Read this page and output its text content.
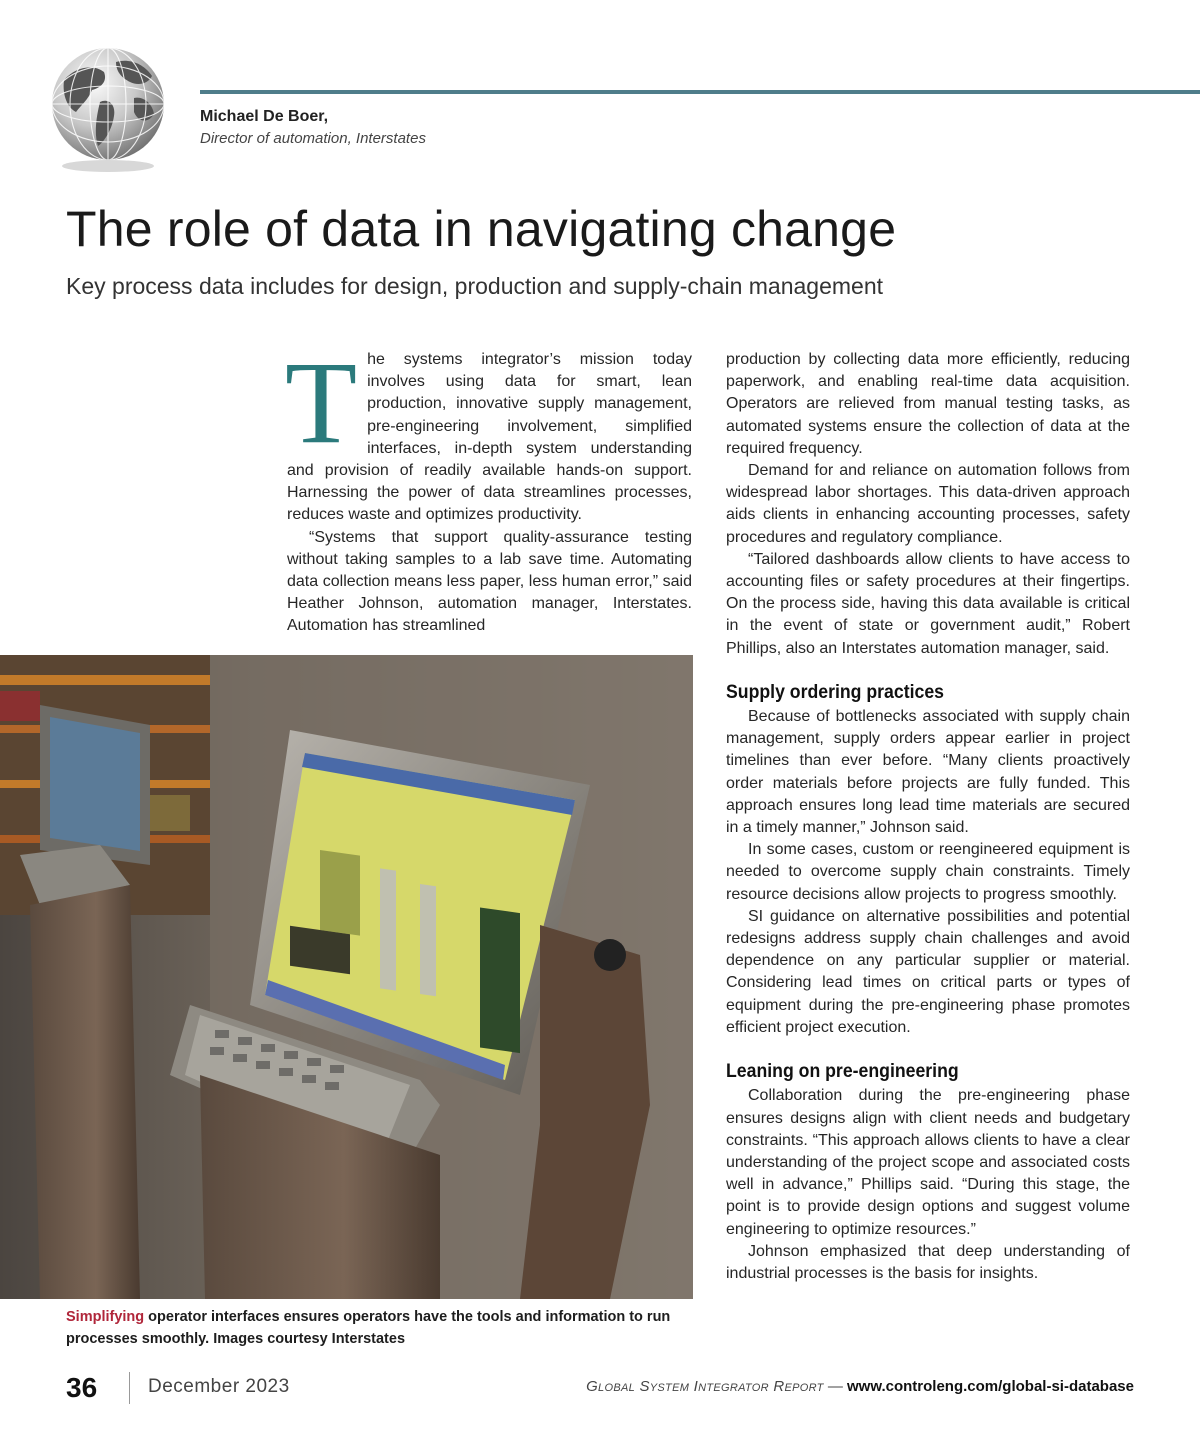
Michael De Boer,
Director of automation, Interstates
The role of data in navigating change

Key process data includes for design, production and supply-chain management

T he systems integrator’s mission today involves using data for smart, lean production, innovative supply management, pre-engineering involvement, simplified interfaces, in-depth system understanding and provision of readily available hands-on support. Harnessing the power of data streamlines processes, reduces waste and optimizes productivity.

“Systems that support quality-assurance testing without taking samples to a lab save time. Automating data collection means less paper, less human error,” said Heather Johnson, automation manager, Interstates. Automation has streamlined

production by collecting data more efficiently, reducing paperwork, and enabling real-time data acquisition. Operators are relieved from manual testing tasks, as automated systems ensure the collection of data at the required frequency.

Demand for and reliance on automation follows from widespread labor shortages. This data-driven approach aids clients in enhancing accounting processes, safety procedures and regulatory compliance.

“Tailored dashboards allow clients to have access to accounting files or safety procedures at their fingertips. On the process side, having this data available is critical in the event of state or government audit,” Robert Phillips, also an Interstates automation manager, said.

Supply ordering practices

Because of bottlenecks associated with supply chain management, supply orders appear earlier in project timelines than ever before. “Many clients proactively order materials before projects are fully funded. This approach ensures long lead time materials are secured in a timely manner,” Johnson said.

In some cases, custom or reengineered equipment is needed to overcome supply chain constraints. Timely resource decisions allow projects to progress smoothly.

SI guidance on alternative possibilities and potential redesigns address supply chain challenges and avoid dependence on any particular supplier or material. Considering lead times on critical parts or types of equipment during the pre-engineering phase promotes efficient project execution.

Leaning on pre-engineering

Collaboration during the pre-engineering phase ensures designs align with client needs and budgetary constraints. “This approach allows clients to have a clear understanding of the project scope and associated costs well in advance,” Phillips said. “During this stage, the point is to provide design options and suggest volume engineering to optimize resources.”

Johnson emphasized that deep understanding of industrial processes is the basis for insights.

Simplifying operator interfaces ensures operators have the tools and information to run processes smoothly. Images courtesy Interstates
36	December 2023	Global System Integrator Report — www.controleng.com/global-si-database
